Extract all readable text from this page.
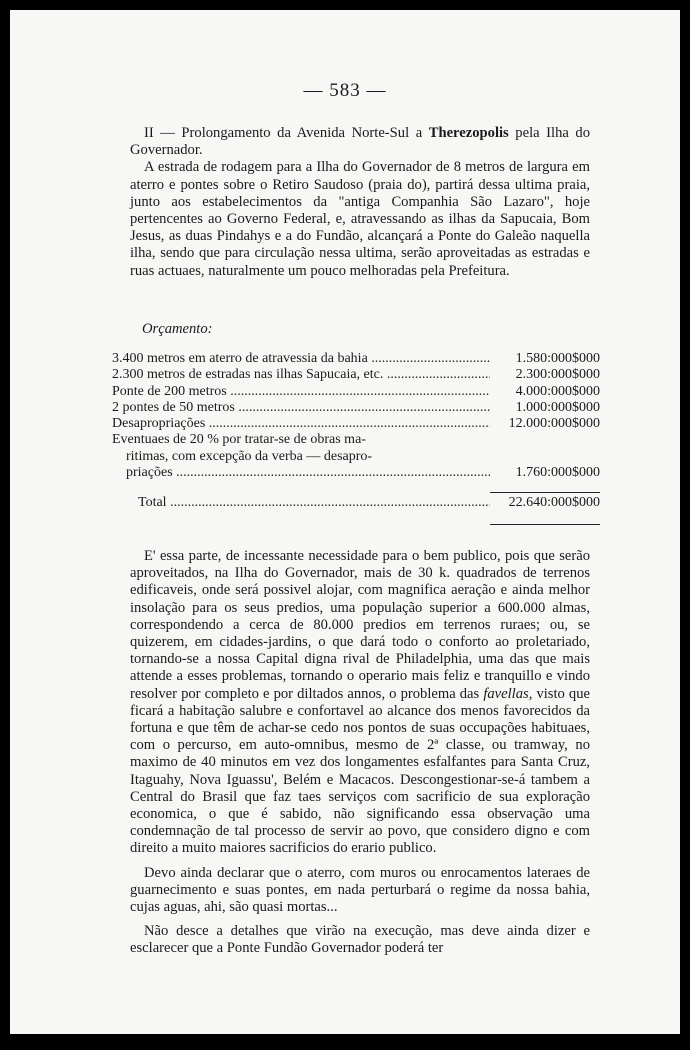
— 583 —

II — Prolongamento da Avenida Norte-Sul a Therezopolis pela Ilha do Governador.

A estrada de rodagem para a Ilha do Governador de 8 metros de largura em aterro e pontes sobre o Retiro Saudoso (praia do), partirá dessa ultima praia, junto aos estabelecimentos da "antiga Companhia São Lazaro", hoje pertencentes ao Governo Federal, e, atravessando as ilhas da Sapucaia, Bom Jesus, as duas Pindahys e a do Fundão, alcançará a Ponte do Galeão naquella ilha, sendo que para circulação nessa ultima, serão aproveitadas as estradas e ruas actuaes, naturalmente um pouco melhoradas pela Prefeitura.

Orçamento:
3.400 metros em aterro de atravessia da bahia .....	1.580:000$000
2.300 metros de estradas nas ilhas Sapucaia, etc. .....	2.300:000$000
Ponte de 200 metros .....	4.000:000$000
2 pontes de 50 metros .....	1.000:000$000
Desapropriações .....	12.000:000$000
Eventuaes de 20 % por tratar-se de obras ma-
ritimas, com excepção da verba — desapro-
priações .....	1.760:000$000
Total .....	22.640:000$000

E' essa parte, de incessante necessidade para o bem publico, pois que serão aproveitados, na Ilha do Governador, mais de 30 k. quadrados de terrenos edificaveis, onde será possivel alojar, com magnifica aeração e ainda melhor insolação para os seus predios, uma população superior a 600.000 almas, correspondendo a cerca de 80.000 predios em terrenos ruraes; ou, se quizerem, em cidades-jardins, o que dará todo o conforto ao proletariado, tornando-se a nossa Capital digna rival de Philadelphia, uma das que mais attende a esses problemas, tornando o operario mais feliz e tranquillo e vindo resolver por completo e por diltados annos, o problema das favellas, visto que ficará a habitação salubre e confortavel ao alcance dos menos favorecidos da fortuna e que têm de achar-se cedo nos pontos de suas occupações habituaes, com o percurso, em auto-omnibus, mesmo de 2ª classe, ou tramway, no maximo de 40 minutos em vez dos longamentes esfalfantes para Santa Cruz, Itaguahy, Nova Iguassu', Belém e Macacos. Descongestionar-se-á tambem a Central do Brasil que faz taes serviços com sacrificio de sua exploração economica, o que é sabido, não significando essa observação uma condemnação de tal processo de servir ao povo, que considero digno e com direito a muito maiores sacrificios do erario publico.

Devo ainda declarar que o aterro, com muros ou enrocamentos lateraes de guarnecimento e suas pontes, em nada perturbará o regime da nossa bahia, cujas aguas, ahi, são quasi mortas...

Não desce a detalhes que virão na execução, mas deve ainda dizer e esclarecer que a Ponte Fundão Governador poderá ter
